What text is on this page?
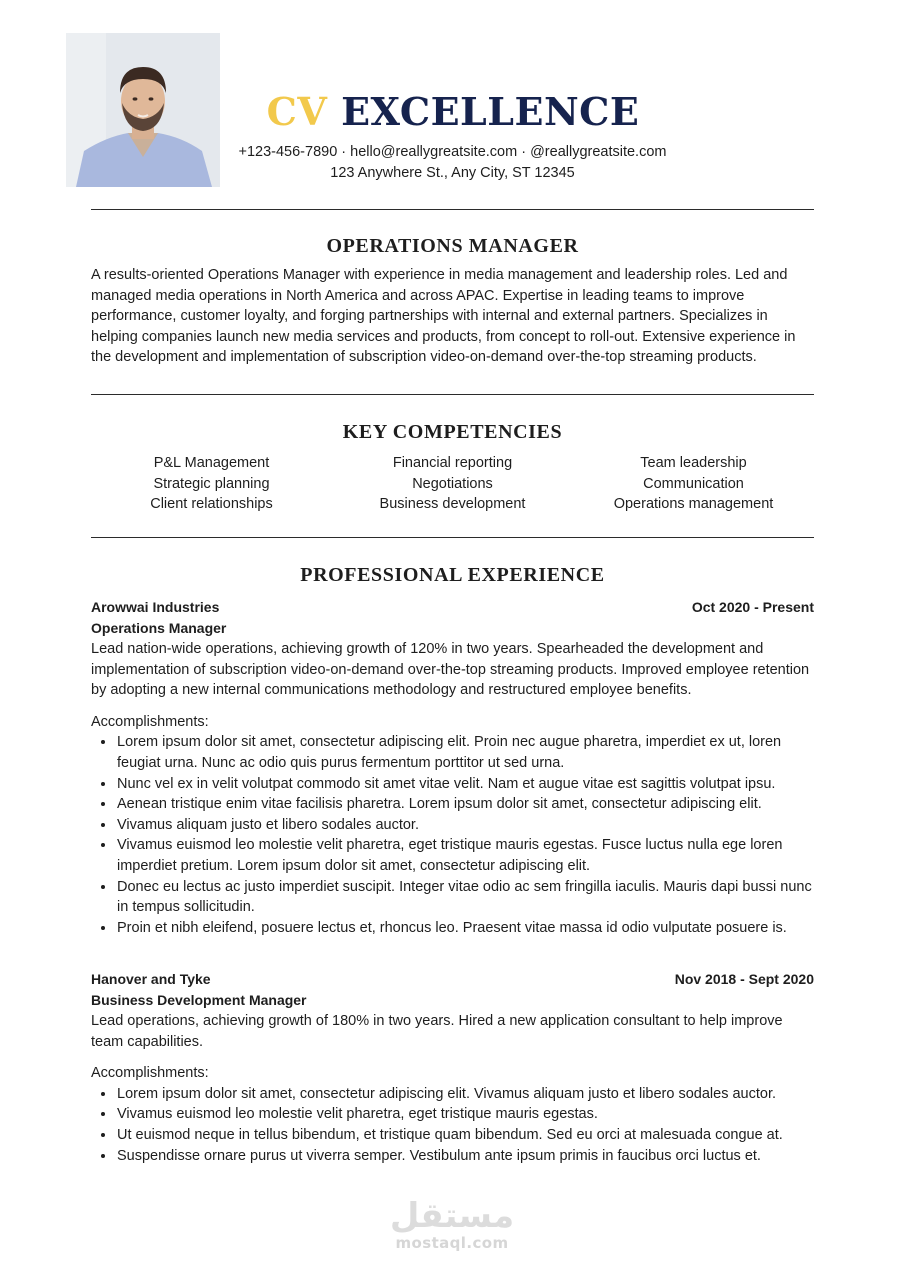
CV EXCELLENCE
+123-456-7890 · hello@reallygreatsite.com · @reallygreatsite.com
123 Anywhere St., Any City, ST 12345
OPERATIONS MANAGER

A results-oriented Operations Manager with experience in media management and leadership roles. Led and managed media operations in North America and across APAC. Expertise in leading teams to improve performance, customer loyalty, and forging partnerships with internal and external partners. Specializes in helping companies launch new media services and products, from concept to roll-out. Extensive experience in the development and implementation of subscription video-on-demand over-the-top streaming products.

KEY COMPETENCIES
P&L Management	Financial reporting	Team leadership
Strategic planning	Negotiations	Communication
Client relationships	Business development	Operations management
PROFESSIONAL EXPERIENCE
Arowwai Industries	Oct 2020 - Present
Operations Manager

Lead nation-wide operations, achieving growth of 120% in two years. Spearheaded the development and implementation of subscription video-on-demand over-the-top streaming products. Improved employee retention by adopting a new internal communications methodology and restructured employee benefits.

Accomplishments:
• Lorem ipsum dolor sit amet, consectetur adipiscing elit. Proin nec augue pharetra, imperdiet ex ut, loren feugiat urna. Nunc ac odio quis purus fermentum porttitor ut sed urna.
• Nunc vel ex in velit volutpat commodo sit amet vitae velit. Nam et augue vitae est sagittis volutpat ipsu.
• Aenean tristique enim vitae facilisis pharetra. Lorem ipsum dolor sit amet, consectetur adipiscing elit.
• Vivamus aliquam justo et libero sodales auctor.
• Vivamus euismod leo molestie velit pharetra, eget tristique mauris egestas. Fusce luctus nulla ege loren imperdiet pretium. Lorem ipsum dolor sit amet, consectetur adipiscing elit.
• Donec eu lectus ac justo imperdiet suscipit. Integer vitae odio ac sem fringilla iaculis. Mauris dapi bussi nunc in tempus sollicitudin.
• Proin et nibh eleifend, posuere lectus et, rhoncus leo. Praesent vitae massa id odio vulputate posuere is.
Hanover and Tyke	Nov 2018 - Sept 2020
Business Development Manager

Lead operations, achieving growth of 180% in two years. Hired a new application consultant to help improve team capabilities.

Accomplishments:
• Lorem ipsum dolor sit amet, consectetur adipiscing elit. Vivamus aliquam justo et libero sodales auctor.
• Vivamus euismod leo molestie velit pharetra, eget tristique mauris egestas.
• Ut euismod neque in tellus bibendum, et tristique quam bibendum. Sed eu orci at malesuada congue at.
• Suspendisse ornare purus ut viverra semper. Vestibulum ante ipsum primis in faucibus orci luctus et.
مستقل
mostaql.com
